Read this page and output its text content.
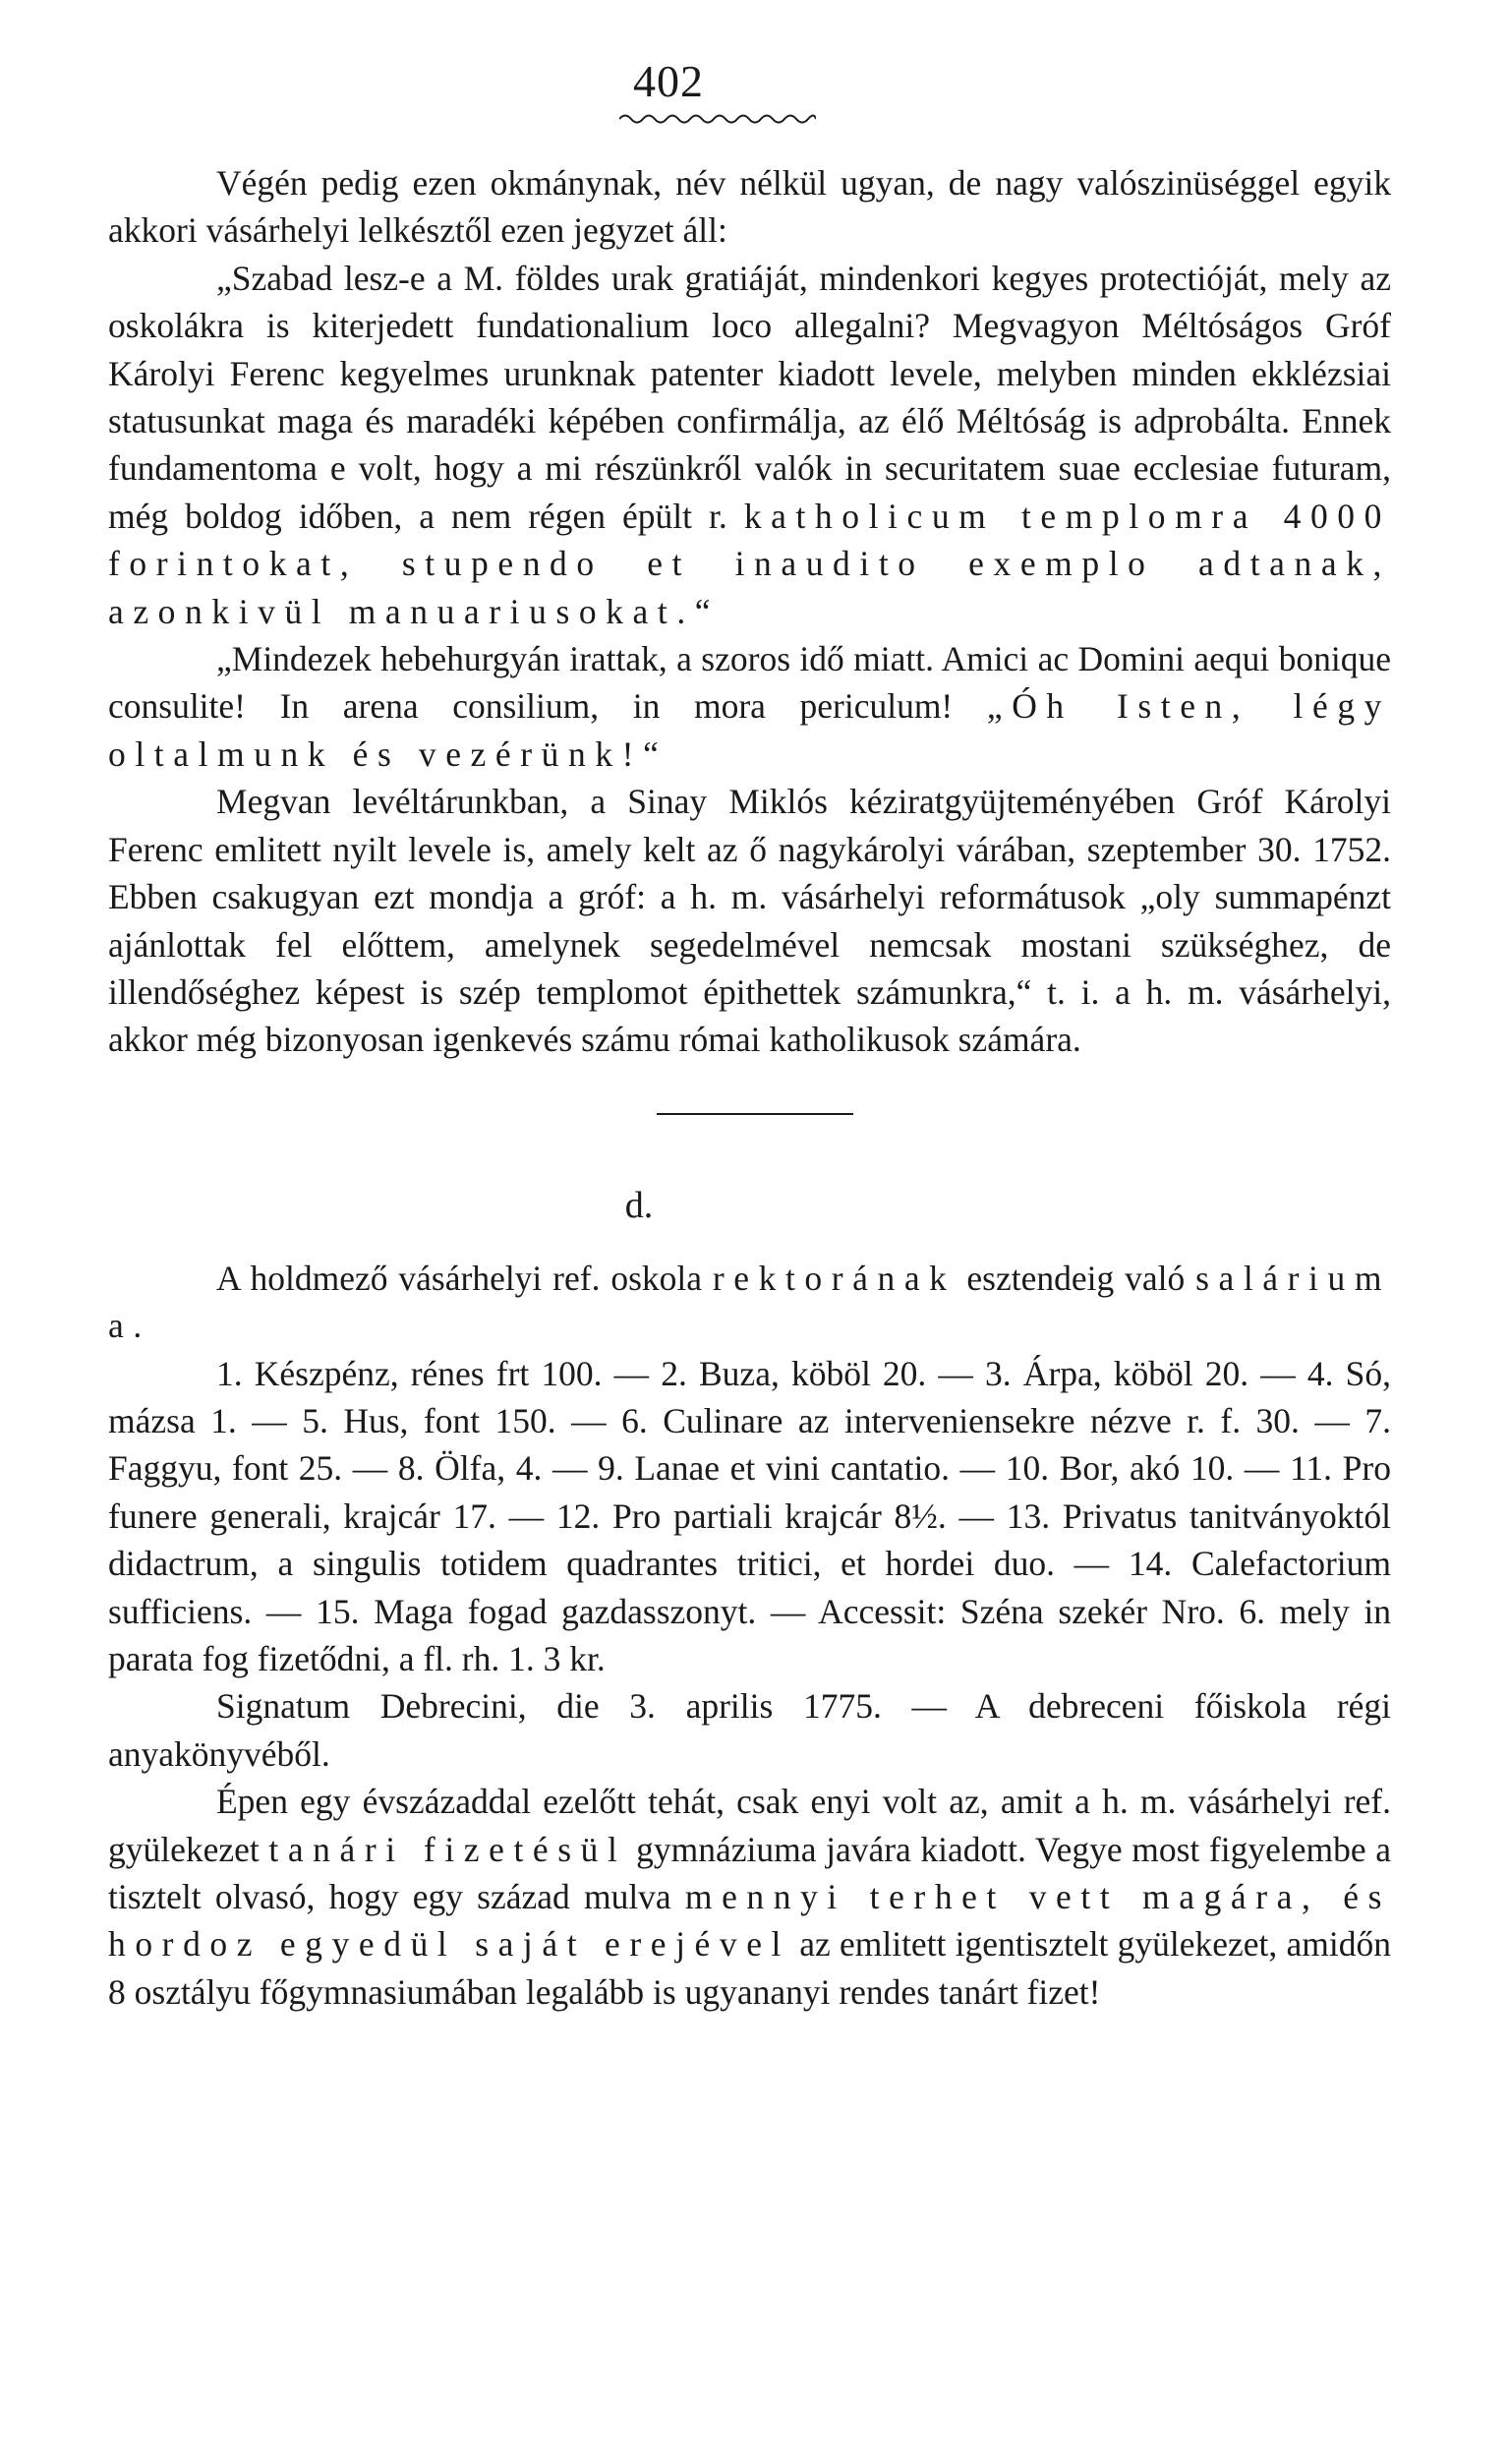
402

Végén pedig ezen okmánynak, név nélkül ugyan, de nagy valószinüséggel egyik akkori vásárhelyi lelkésztől ezen jegyzet áll:

„Szabad lesz-e a M. földes urak gratiáját, mindenkori kegyes protectióját, mely az oskolákra is kiterjedett fundationalium loco allegalni? Megvagyon Méltóságos Gróf Károlyi Ferenc kegyelmes urunknak patenter kiadott levele, melyben minden ekklézsiai statusunkat maga és maradéki képében confirmálja, az élő Méltóság is adprobálta. Ennek fundamentoma e volt, hogy a mi részünkről valók in securitatem suae ecclesiae futuram, még boldog időben, a nem régen épült r. katholicum templomra 4000 forintokat, stupendo et inaudito exemplo adtanak, azonkivül manuariusokat.“

„Mindezek hebehurgyán irattak, a szoros idő miatt. Amici ac Domini aequi bonique consulite! In arena consilium, in mora periculum! „Óh Isten, légy oltalmunk és vezérünk!“

Megvan levéltárunkban, a Sinay Miklós kéziratgyüjteményében Gróf Károlyi Ferenc emlitett nyilt levele is, amely kelt az ő nagykárolyi várában, szeptember 30. 1752. Ebben csakugyan ezt mondja a gróf: a h. m. vásárhelyi reformátusok „oly summapénzt ajánlottak fel előttem, amelynek segedelmével nemcsak mostani szükséghez, de illendőséghez képest is szép templomot épithettek számunkra,“ t. i. a h. m. vásárhelyi, akkor még bizonyosan igenkevés számu római katholikusok számára.

d.

A holdmező vásárhelyi ref. oskola rektorának esztendeig való salárium a.

1. Készpénz, rénes frt 100. — 2. Buza, köböl 20. — 3. Árpa, köböl 20. — 4. Só, mázsa 1. — 5. Hus, font 150. — 6. Culinare az interveniensekre nézve r. f. 30. — 7. Faggyu, font 25. — 8. Ölfa, 4. — 9. Lanae et vini cantatio. — 10. Bor, akó 10. — 11. Pro funere generali, krajcár 17. — 12. Pro partiali krajcár 8½. — 13. Privatus tanitványoktól didactrum, a singulis totidem quadrantes tritici, et hordei duo. — 14. Calefactorium sufficiens. — 15. Maga fogad gazdasszonyt. — Accessit: Széna szekér Nro. 6. mely in parata fog fizetődni, a fl. rh. 1. 3 kr.

Signatum Debrecini, die 3. aprilis 1775. — A debreceni főiskola régi anyakönyvéből.

Épen egy évszázaddal ezelőtt tehát, csak enyi volt az, amit a h. m. vásárhelyi ref. gyülekezet tanári fizetésül gymnáziuma javára kiadott. Vegye most figyelembe a tisztelt olvasó, hogy egy század mulva mennyi terhet vett magára, és hordoz egyedül saját erejével az emlitett igentisztelt gyülekezet, amidőn 8 osztályu főgymnasiumában legalább is ugyananyi rendes tanárt fizet!
